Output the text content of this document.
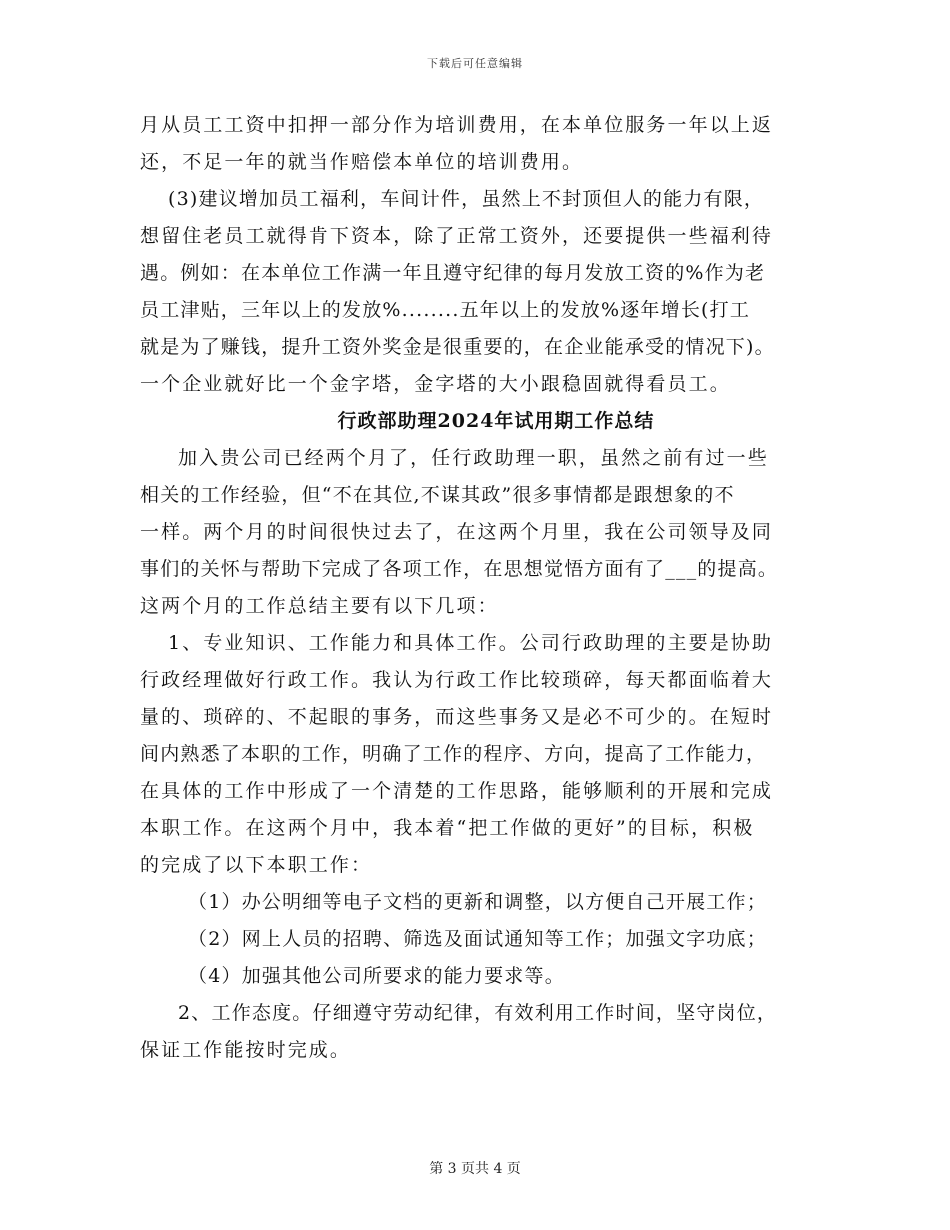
下载后可任意编辑
月从员工工资中扣押一部分作为培训费用，在本单位服务一年以上返
还，不足一年的就当作赔偿本单位的培训费用。
(3)建议增加员工福利，车间计件，虽然上不封顶但人的能力有限，
想留住老员工就得肯下资本，除了正常工资外，还要提供一些福利待
遇。例如：在本单位工作满一年且遵守纪律的每月发放工资的%作为老
员工津贴，三年以上的发放%........五年以上的发放%逐年增长(打工
就是为了赚钱，提升工资外奖金是很重要的，在企业能承受的情况下)。
一个企业就好比一个金字塔，金字塔的大小跟稳固就得看员工。
行政部助理2024年试用期工作总结
加入贵公司已经两个月了，任行政助理一职，虽然之前有过一些
相关的工作经验，但“不在其位,不谋其政”很多事情都是跟想象的不
一样。两个月的时间很快过去了，在这两个月里，我在公司领导及同
事们的关怀与帮助下完成了各项工作，在思想觉悟方面有了___的提高。
这两个月的工作总结主要有以下几项：
1、专业知识、工作能力和具体工作。公司行政助理的主要是协助
行政经理做好行政工作。我认为行政工作比较琐碎，每天都面临着大
量的、琐碎的、不起眼的事务，而这些事务又是必不可少的。在短时
间内熟悉了本职的工作，明确了工作的程序、方向，提高了工作能力，
在具体的工作中形成了一个清楚的工作思路，能够顺利的开展和完成
本职工作。在这两个月中，我本着“把工作做的更好”的目标，积极
的完成了以下本职工作：
（1）办公明细等电子文档的更新和调整，以方便自己开展工作；
（2）网上人员的招聘、筛选及面试通知等工作；加强文字功底；
（4）加强其他公司所要求的能力要求等。
2、工作态度。仔细遵守劳动纪律，有效利用工作时间，坚守岗位，
保证工作能按时完成。
第 3 页共 4 页
